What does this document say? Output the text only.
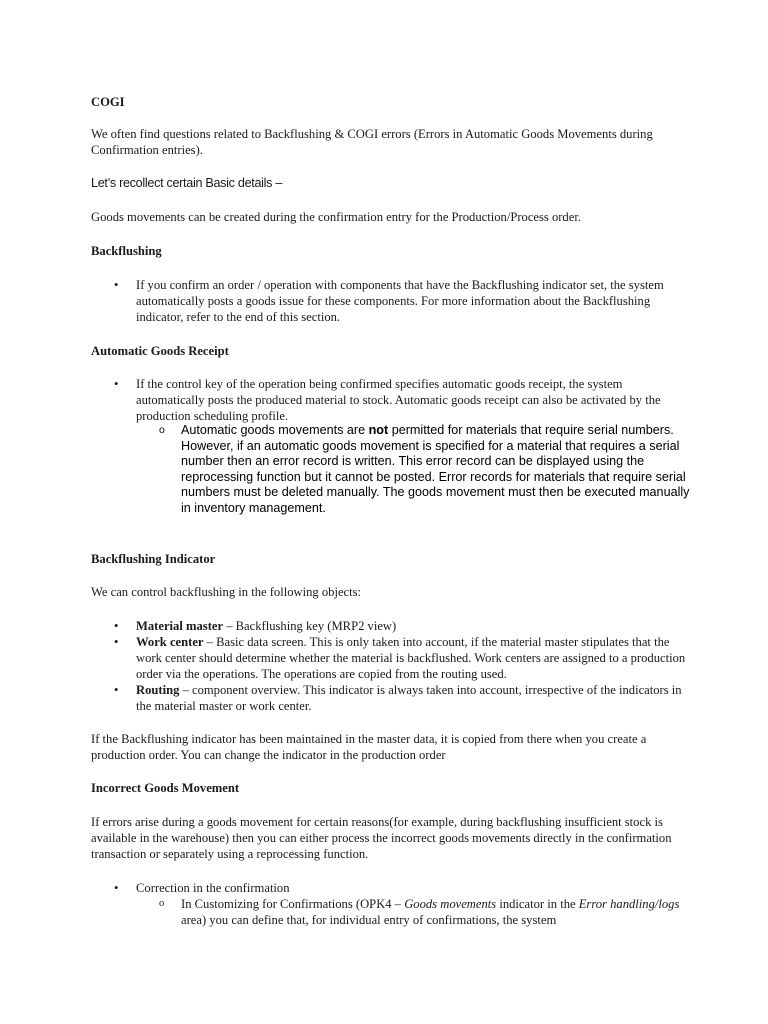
COGI
We often find questions related to Backflushing & COGI errors (Errors in Automatic Goods Movements during Confirmation entries).
Let’s recollect certain Basic details –
Goods movements can be created during the confirmation entry for the Production/Process order.
Backflushing
• If you confirm an order / operation with components that have the Backflushing indicator set, the system automatically posts a goods issue for these components. For more information about the Backflushing indicator, refer to the end of this section.
Automatic Goods Receipt
• If the control key of the operation being confirmed specifies automatic goods receipt, the system automatically posts the produced material to stock. Automatic goods receipt can also be activated by the production scheduling profile.
o Automatic goods movements are not permitted for materials that require serial numbers. However, if an automatic goods movement is specified for a material that requires a serial number then an error record is written. This error record can be displayed using the reprocessing function but it cannot be posted. Error records for materials that require serial numbers must be deleted manually. The goods movement must then be executed manually in inventory management.
Backflushing Indicator
We can control backflushing in the following objects:
• Material master – Backflushing key (MRP2 view)
• Work center – Basic data screen. This is only taken into account, if the material master stipulates that the work center should determine whether the material is backflushed. Work centers are assigned to a production order via the operations. The operations are copied from the routing used.
• Routing – component overview. This indicator is always taken into account, irrespective of the indicators in the material master or work center.
If the Backflushing indicator has been maintained in the master data, it is copied from there when you create a production order. You can change the indicator in the production order
Incorrect Goods Movement
If errors arise during a goods movement for certain reasons(for example, during backflushing insufficient stock is available in the warehouse) then you can either process the incorrect goods movements directly in the confirmation transaction or separately using a reprocessing function.
• Correction in the confirmation
o In Customizing for Confirmations (OPK4 – Goods movements indicator in the Error handling/logs area) you can define that, for individual entry of confirmations, the system
